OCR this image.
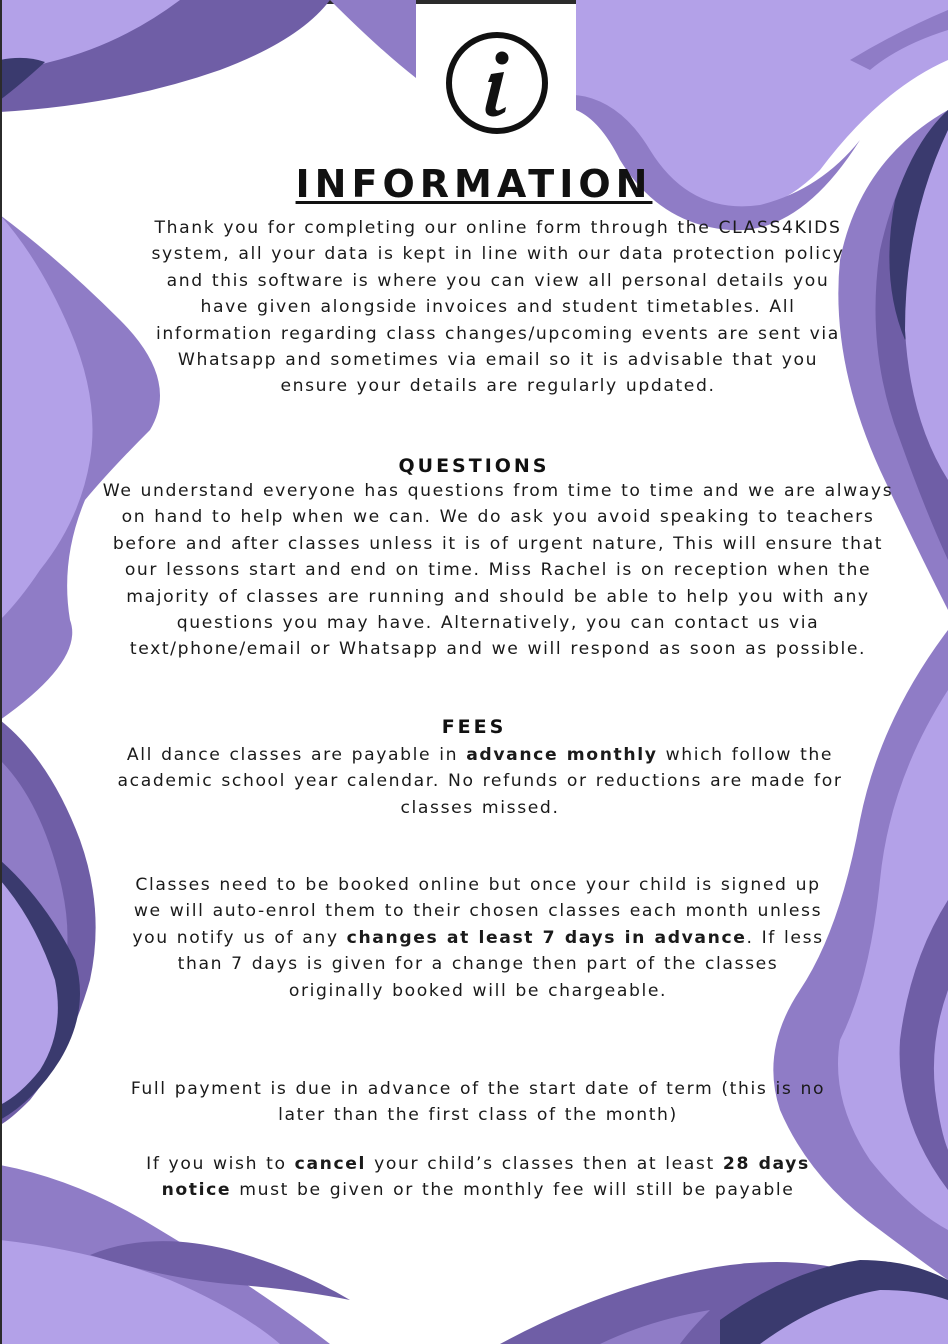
INFORMATION

Thank you for completing our online form through the CLASS4KIDS system, all your data is kept in line with our data protection policy and this software is where you can view all personal details you have given alongside invoices and student timetables. All information regarding class changes/upcoming events are sent via Whatsapp and sometimes via email so it is advisable that you ensure your details are regularly updated.

QUESTIONS

We understand everyone has questions from time to time and we are always on hand to help when we can. We do ask you avoid speaking to teachers before and after classes unless it is of urgent nature, This will ensure that our lessons start and end on time. Miss Rachel is on reception when the majority of classes are running and should be able to help you with any questions you may have. Alternatively, you can contact us via text/phone/email or Whatsapp and we will respond as soon as possible.

FEES

All dance classes are payable in advance monthly which follow the academic school year calendar. No refunds or reductions are made for classes missed.

Classes need to be booked online but once your child is signed up we will auto-enrol them to their chosen classes each month unless you notify us of any changes at least 7 days in advance. If less than 7 days is given for a change then part of the classes originally booked will be chargeable.

Full payment is due in advance of the start date of term (this is no later than the first class of the month)

If you wish to cancel your child’s classes then at least 28 days notice must be given or the monthly fee will still be payable
